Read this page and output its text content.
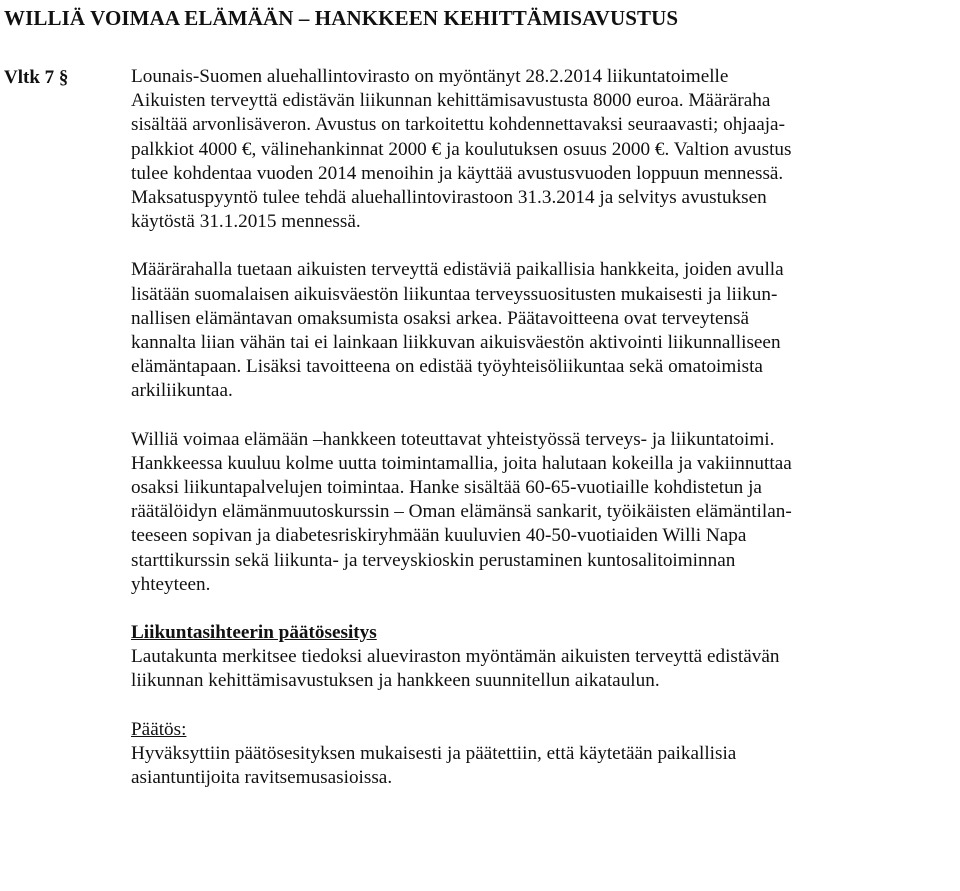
WILLIÄ VOIMAA ELÄMÄÄN – HANKKEEN KEHITTÄMISAVUSTUS
Vltk 7 §	Lounais-Suomen aluehallintovirasto on myöntänyt 28.2.2014 liikuntatoimelle
Aikuisten terveyttä edistävän liikunnan kehittämisavustusta 8000 euroa. Määräraha
sisältää arvonlisäveron. Avustus on tarkoitettu kohdennettavaksi seuraavasti; ohjaaja-
palkkiot 4000 €, välinehankinnat 2000 € ja koulutuksen osuus 2000 €. Valtion avustus
tulee kohdentaa vuoden 2014 menoihin ja käyttää avustusvuoden loppuun mennessä.
Maksatuspyyntö tulee tehdä aluehallintovirastoon 31.3.2014 ja selvitys avustuksen
käytöstä 31.1.2015 mennessä.

Määrärahalla tuetaan aikuisten terveyttä edistäviä paikallisia hankkeita, joiden avulla
lisätään suomalaisen aikuisväestön liikuntaa terveyssuositusten mukaisesti ja liikun-
nallisen elämäntavan omaksumista osaksi arkea. Päätavoitteena ovat terveytensä
kannalta liian vähän tai ei lainkaan liikkuvan aikuisväestön aktivointi liikunnalliseen
elämäntapaan. Lisäksi tavoitteena on edistää työyhteisöliikuntaa sekä omatoimista
arkiliikuntaa.

Williä voimaa elämään –hankkeen toteuttavat yhteistyössä terveys- ja liikuntatoimi.
Hankkeessa kuuluu kolme uutta toimintamallia, joita halutaan kokeilla ja vakiinnuttaa
osaksi liikuntapalvelujen toimintaa. Hanke sisältää 60-65-vuotiaille kohdistetun ja
räätälöidyn elämänmuutoskurssin – Oman elämänsä sankarit, työikäisten elämäntilan-
teeseen sopivan ja diabetesriskiryhmään kuuluvien 40-50-vuotiaiden Willi Napa
starttikurssin sekä liikunta- ja terveyskioskin perustaminen kuntosalitoiminnan
yhteyteen.

Liikuntasihteerin päätösesitys
Lautakunta merkitsee tiedoksi alueviraston myöntämän aikuisten terveyttä edistävän
liikunnan kehittämisavustuksen ja hankkeen suunnitellun aikataulun.

Päätös:
Hyväksyttiin päätösesityksen mukaisesti ja päätettiin, että käytetään paikallisia
asiantuntijoita ravitsemusasioissa.
